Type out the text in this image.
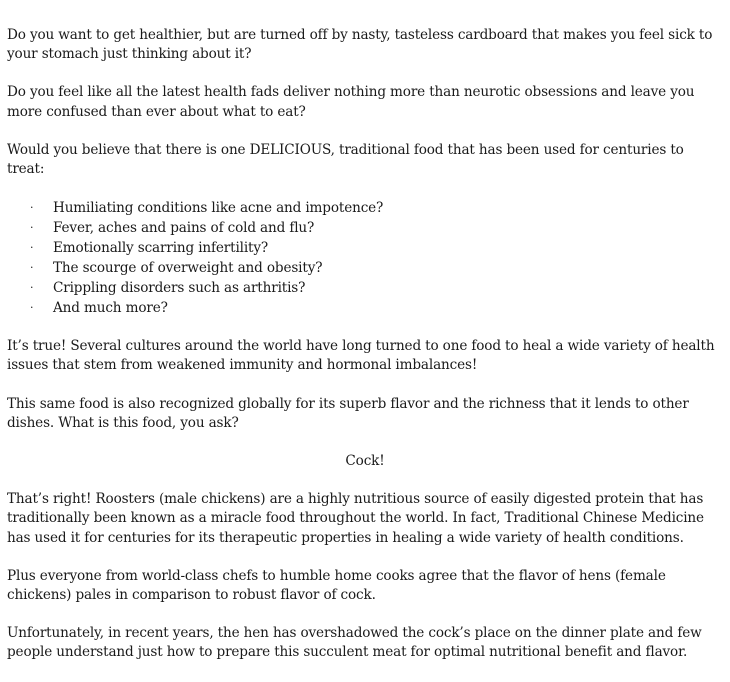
Do you want to get healthier, but are turned off by nasty, tasteless cardboard that makes you feel sick to your stomach just thinking about it?

Do you feel like all the latest health fads deliver nothing more than neurotic obsessions and leave you more confused than ever about what to eat?

Would you believe that there is one DELICIOUS, traditional food that has been used for centuries to treat:

· Humiliating conditions like acne and impotence?
· Fever, aches and pains of cold and flu?
· Emotionally scarring infertility?
· The scourge of overweight and obesity?
· Crippling disorders such as arthritis?
· And much more?

It’s true! Several cultures around the world have long turned to one food to heal a wide variety of health issues that stem from weakened immunity and hormonal imbalances!

This same food is also recognized globally for its superb flavor and the richness that it lends to other dishes. What is this food, you ask?

Cock!

That’s right! Roosters (male chickens) are a highly nutritious source of easily digested protein that has traditionally been known as a miracle food throughout the world. In fact, Traditional Chinese Medicine has used it for centuries for its therapeutic properties in healing a wide variety of health conditions.

Plus everyone from world-class chefs to humble home cooks agree that the flavor of hens (female chickens) pales in comparison to robust flavor of cock.

Unfortunately, in recent years, the hen has overshadowed the cock’s place on the dinner plate and few people understand just how to prepare this succulent meat for optimal nutritional benefit and flavor.
